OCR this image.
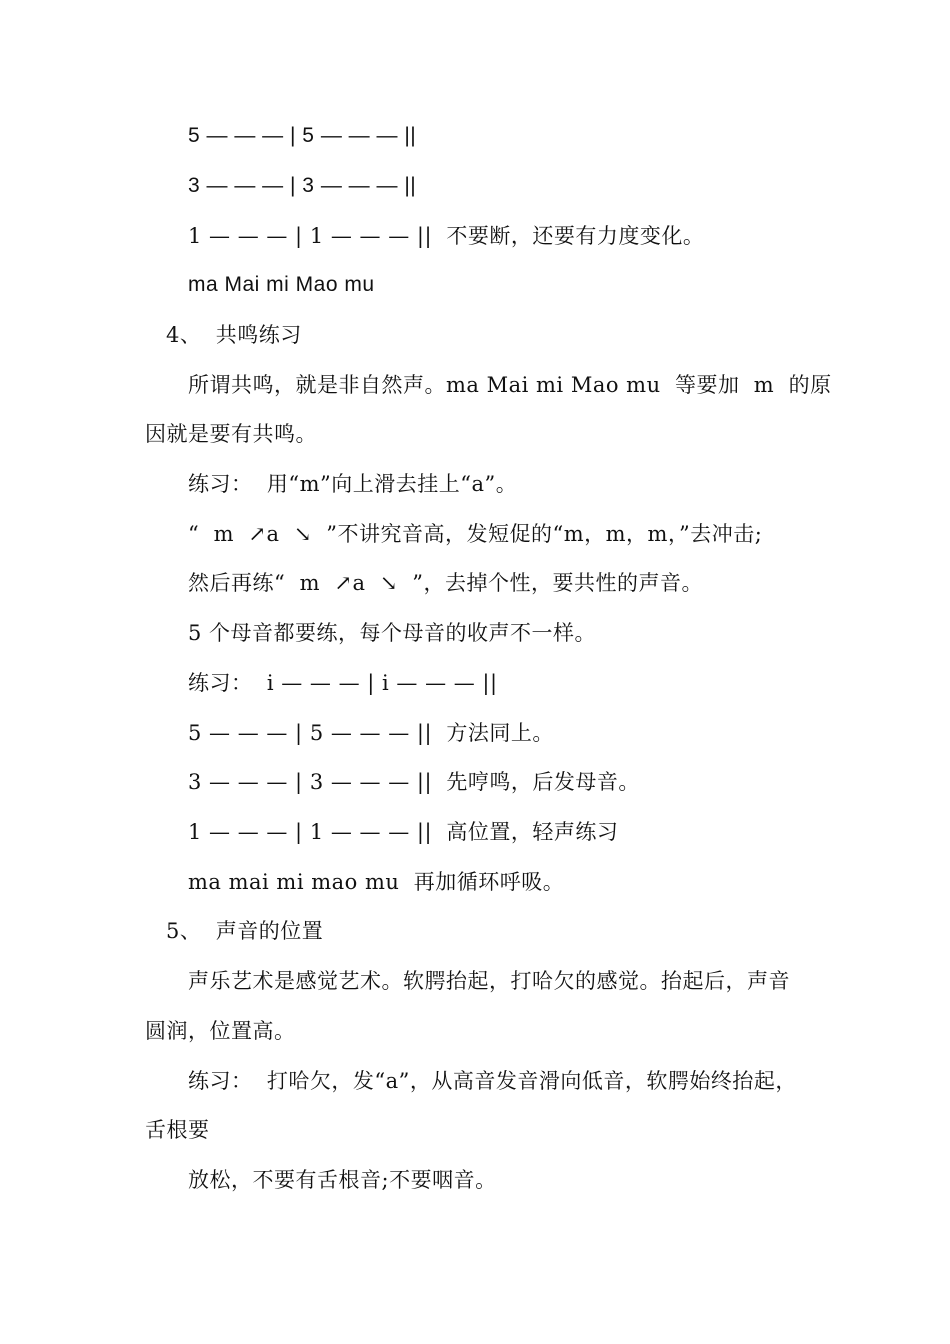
5 — — — | 5 — — — ||
3 — — — | 3 — — — ||
1 — — — | 1 — — — ||  不要断，还要有力度变化。
ma Mai mi Mao mu
4、  共鸣练习
所谓共鸣，就是非自然声。ma Mai mi Mao mu  等要加  m  的原
因就是要有共鸣。
练习：  用“m”向上滑去挂上“a”。
“  m  ↗a  ↘  ”不讲究音高，发短促的“m，m，m，”去冲击;
然后再练“  m  ↗a  ↘  ”，去掉个性，要共性的声音。
5 个母音都要练，每个母音的收声不一样。
练习：  i — — — | i — — — ||
5 — — — | 5 — — — ||  方法同上。
3 — — — | 3 — — — ||  先哼鸣，后发母音。
1 — — — | 1 — — — ||  高位置，轻声练习
ma mai mi mao mu  再加循环呼吸。
5、  声音的位置
声乐艺术是感觉艺术。软腭抬起，打哈欠的感觉。抬起后，声音
圆润，位置高。
练习：  打哈欠，发“a”，从高音发音滑向低音，软腭始终抬起，
舌根要
放松，不要有舌根音;不要咽音。
